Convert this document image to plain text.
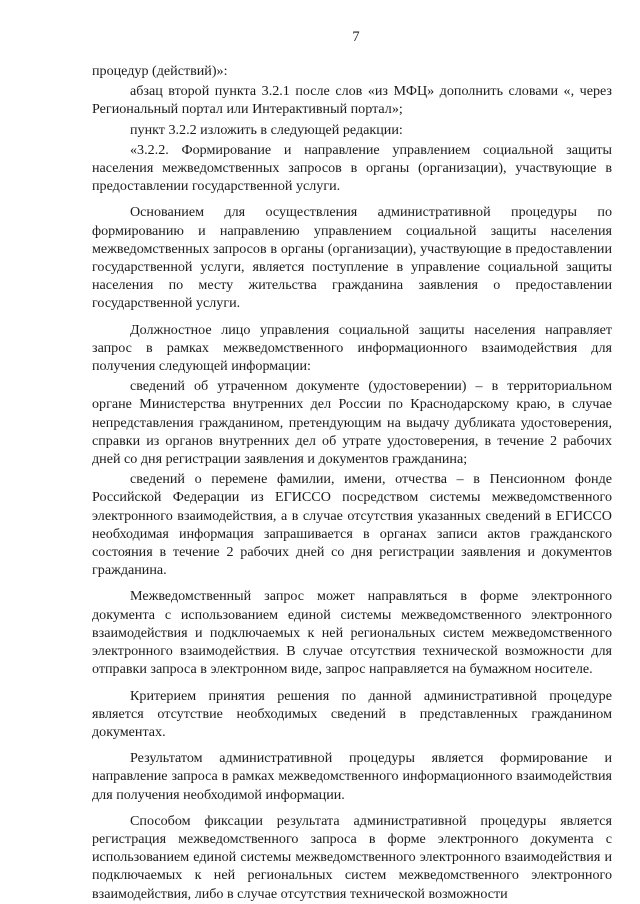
7

процедур (действий)»:

абзац второй пункта 3.2.1 после слов «из МФЦ» дополнить словами «, через Региональный портал или Интерактивный портал»;

пункт 3.2.2 изложить в следующей редакции:

«3.2.2. Формирование и направление управлением социальной защиты населения межведомственных запросов в органы (организации), участвующие в предоставлении государственной услуги.

Основанием для осуществления административной процедуры по формированию и направлению управлением социальной защиты населения межведомственных запросов в органы (организации), участвующие в предоставлении государственной услуги, является поступление в управление социальной защиты населения по месту жительства гражданина заявления о предоставлении государственной услуги.

Должностное лицо управления социальной защиты населения направляет запрос в рамках межведомственного информационного взаимодействия для получения следующей информации:

сведений об утраченном документе (удостоверении) – в территориальном органе Министерства внутренних дел России по Краснодарскому краю, в случае непредставления гражданином, претендующим на выдачу дубликата удостоверения, справки из органов внутренних дел об утрате удостоверения, в течение 2 рабочих дней со дня регистрации заявления и документов гражданина;

сведений о перемене фамилии, имени, отчества – в Пенсионном фонде Российской Федерации из ЕГИССО посредством системы межведомственного электронного взаимодействия, а в случае отсутствия указанных сведений в ЕГИССО необходимая информация запрашивается в органах записи актов гражданского состояния в течение 2 рабочих дней со дня регистрации заявления и документов гражданина.

Межведомственный запрос может направляться в форме электронного документа с использованием единой системы межведомственного электронного взаимодействия и подключаемых к ней региональных систем межведомственного электронного взаимодействия. В случае отсутствия технической возможности для отправки запроса в электронном виде, запрос направляется на бумажном носителе.

Критерием принятия решения по данной административной процедуре является отсутствие необходимых сведений в представленных гражданином документах.

Результатом административной процедуры является формирование и направление запроса в рамках межведомственного информационного взаимодействия для получения необходимой информации.

Способом фиксации результата административной процедуры является регистрация межведомственного запроса в форме электронного документа с использованием единой системы межведомственного электронного взаимодействия и подключаемых к ней региональных систем межведомственного электронного взаимодействия, либо в случае отсутствия технической возможности
